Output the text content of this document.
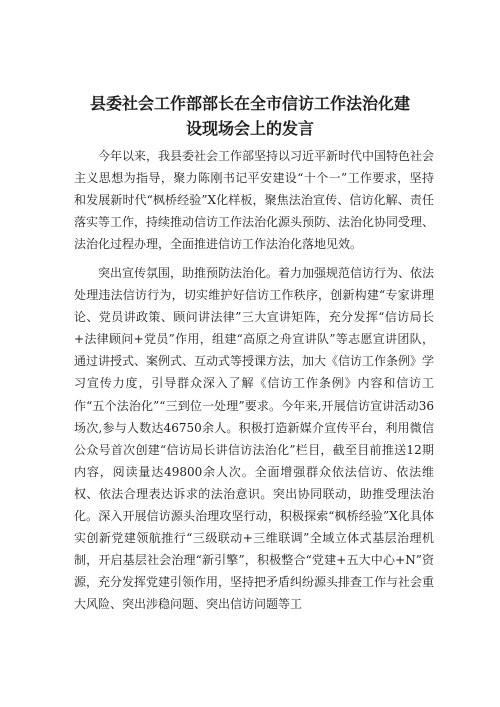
县委社会工作部部长在全市信访工作法治化建
设现场会上的发言

今年以来，我县委社会工作部坚持以习近平新时代中国特色社会主义思想为指导，聚力陈刚书记平安建设“十个一”工作要求，坚持和发展新时代“枫桥经验”X化样板，聚焦法治宣传、信访化解、责任落实等工作，持续推动信访工作法治化源头预防、法治化协同受理、法治化过程办理，全面推进信访工作法治化落地见效。

突出宣传氛围，助推预防法治化。着力加强规范信访行为、依法处理违法信访行为，切实维护好信访工作秩序，创新构建“专家讲理论、党员讲政策、顾问讲法律”三大宣讲矩阵，充分发挥“信访局长+法律顾问+党员”作用，组建“高原之舟宣讲队”等志愿宣讲团队，通过讲授式、案例式、互动式等授课方法，加大《信访工作条例》学习宣传力度，引导群众深入了解《信访工作条例》内容和信访工作“五个法治化”“三到位一处理”要求。今年来,开展信访宣讲活动36场次,参与人数达46750余人。积极打造新媒介宣传平台，利用微信公众号首次创建“信访局长讲信访法治化”栏目，截至目前推送12期内容，阅读量达49800余人次。全面增强群众依法信访、依法维权、依法合理表达诉求的法治意识。突出协同联动，助推受理法治化。深入开展信访源头治理攻坚行动，积极探索“枫桥经验”X化具体实创新党建领航推行“三级联动+三维联调”全域立体式基层治理机制，开启基层社会治理“新引擎”，积极整合“党建+五大中心+N”资源，充分发挥党建引领作用，坚持把矛盾纠纷源头排查工作与社会重大风险、突出涉稳问题、突出信访问题等工
